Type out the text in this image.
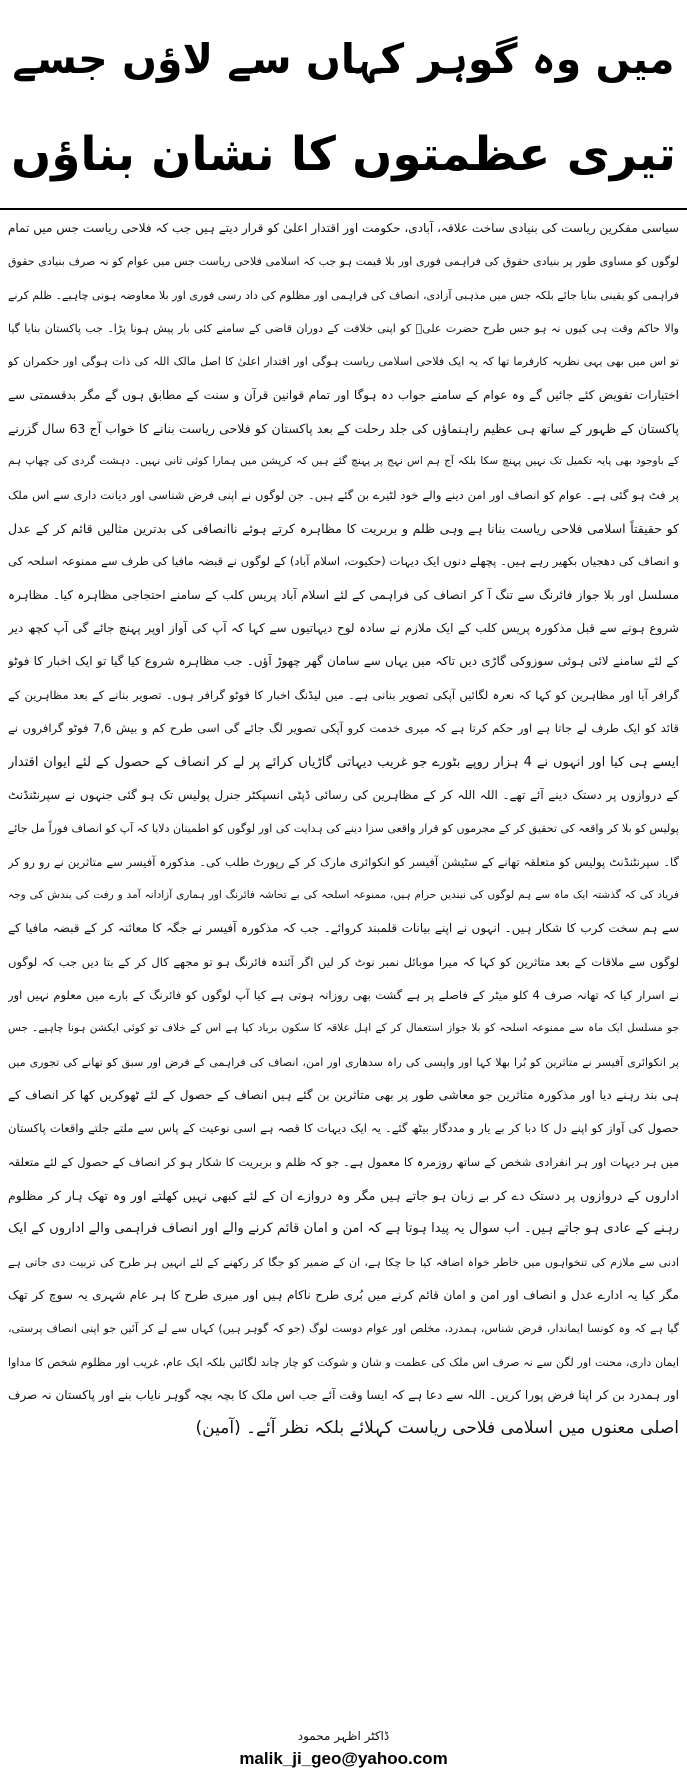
میں وہ گوہر کہاں سے لاؤں جسے
تیری عظمتوں کا نشان بناؤں
سیاسی مفکرین ریاست کی بنیادی ساخت علاقہ، آبادی، حکومت اور اقتدار اعلیٰ کو قرار دیتے ہیں جب کہ فلاحی ریاست جس میں تمام
لوگوں کو مساوی طور پر بنیادی حقوق کی فراہمی فوری اور بلا قیمت ہو جب کہ اسلامی فلاحی ریاست جس میں عوام کو نہ صرف بنیادی حقوق
فراہمی کو یقینی بنایا جائے بلکہ جس میں مذہبی آزادی، انصاف کی فراہمی اور مظلوم کی داد رسی فوری اور بلا معاوضہ ہونی چاہیے۔ ظلم کرنے
والا حاکم وقت ہی کیوں نہ ہو جس طرح حضرت علیؓ کو اپنی خلافت کے دوران قاضی کے سامنے کئی بار پیش ہونا پڑا۔ جب پاکستان بنایا گیا
تو اس میں بھی یہی نظریہ کارفرما تھا کہ یہ ایک فلاحی اسلامی ریاست ہوگی اور اقتدار اعلیٰ کا اصل مالک اللہ کی ذات ہوگی اور حکمران کو
اختیارات تفویض کئے جائیں گے وہ عوام کے سامنے جواب دہ ہوگا اور تمام قوانین قرآن و سنت کے مطابق ہوں گے مگر بدقسمتی سے
پاکستان کے ظہور کے ساتھ ہی عظیم راہنماؤں کی جلد رحلت کے بعد پاکستان کو فلاحی ریاست بنانے کا خواب آج 63 سال گزرنے
کے باوجود بھی پایہ تکمیل تک نہیں پہنچ سکا بلکہ آج ہم اس نہج پر پہنچ گئے ہیں کہ کرپشن میں ہمارا کوئی ثانی نہیں۔ دہشت گردی کی چھاپ ہم
پر فٹ ہو گئی ہے۔ عوام کو انصاف اور امن دینے والے خود لٹیرے بن گئے ہیں۔ جن لوگوں نے اپنی فرض شناسی اور دیانت داری سے اس ملک
کو حقیقتاً اسلامی فلاحی ریاست بنانا ہے وہی ظلم و بربریت کا مظاہرہ کرتے ہوئے ناانصافی کی بدترین مثالیں قائم کر کے عدل
و انصاف کی دھجیاں بکھیر رہے ہیں۔ پچھلے دنوں ایک دیہات (حکیوت، اسلام آباد) کے لوگوں نے قبضہ مافیا کی طرف سے ممنوعہ اسلحہ کی
مسلسل اور بلا جواز فائرنگ سے تنگ آ کر انصاف کی فراہمی کے لئے اسلام آباد پریس کلب کے سامنے احتجاجی مظاہرہ کیا۔ مظاہرہ
شروع ہونے سے قبل مذکورہ پریس کلب کے ایک ملازم نے سادہ لوح دیہاتیوں سے کہا کہ آپ کی آواز اوپر پہنچ جائے گی آپ کچھ دیر
کے لئے سامنے لائی ہوئی سوزوکی گاڑی دیں تاکہ میں یہاں سے سامان گھر چھوڑ آؤں۔ جب مظاہرہ شروع کیا گیا تو ایک اخبار کا فوٹو
گرافر آیا اور مظاہرین کو کہا کہ نعرہ لگائیں آپکی تصویر بنانی ہے۔ میں لیڈنگ اخبار کا فوٹو گرافر ہوں۔ تصویر بنانے کے بعد مظاہرین کے
قائد کو ایک طرف لے جاتا ہے اور حکم کرتا ہے کہ میری خدمت کرو آپکی تصویر لگ جائے گی اسی طرح کم و بیش 7,6 فوٹو گرافروں نے
ایسے ہی کیا اور انہوں نے 4 ہزار روپے بٹورے جو غریب دیہاتی گاڑیاں کرائے پر لے کر انصاف کے حصول کے لئے ایوان اقتدار
کے دروازوں پر دستک دینے آئے تھے۔ اللہ اللہ کر کے مظاہرین کی رسائی ڈپٹی انسپکٹر جنرل پولیس تک ہو گئی جنہوں نے سپرنٹنڈنٹ
پولیس کو بلا کر واقعہ کی تحقیق کر کے مجرموں کو قرار واقعی سزا دینے کی ہدایت کی اور لوگوں کو اطمینان دلایا کہ آپ کو انصاف فوراً مل جائے
گا۔ سپرنٹنڈنٹ پولیس کو متعلقہ تھانے کے سٹیشن آفیسر کو انکوائری مارک کر کے رپورٹ طلب کی۔ مذکورہ آفیسر سے متاثرین نے رو رو کر
فریاد کی کہ گذشتہ ایک ماہ سے ہم لوگوں کی نیندیں حرام ہیں، ممنوعہ اسلحہ کی بے تحاشہ فائرنگ اور ہماری آزادانہ آمد و رفت کی بندش کی وجہ
سے ہم سخت کرب کا شکار ہیں۔ انہوں نے اپنے بیانات قلمبند کروائے۔ جب کہ مذکورہ آفیسر نے جگہ کا معائنہ کر کے قبضہ مافیا کے
لوگوں سے ملاقات کے بعد متاثرین کو کہا کہ میرا موبائل نمبر نوٹ کر لیں اگر آئندہ فائرنگ ہو تو مجھے کال کر کے بتا دیں جب کہ لوگوں
نے اسرار کیا کہ تھانہ صرف 4 کلو میٹر کے فاصلے پر ہے گشت بھی روزانہ ہوتی ہے کیا آپ لوگوں کو فائرنگ کے بارے میں معلوم نہیں اور
جو مسلسل ایک ماہ سے ممنوعہ اسلحہ کو بلا جواز استعمال کر کے اہل علاقہ کا سکون برباد کیا ہے اس کے خلاف تو کوئی ایکشن ہونا چاہیے۔ جس
پر انکوائری آفیسر نے متاثرین کو بُرا بھلا کہا اور واپسی کی راہ سدھاری اور امن، انصاف کی فراہمی کے فرض اور سبق کو تھانے کی تجوری میں
ہی بند رہنے دیا اور مذکورہ متاثرین جو معاشی طور پر بھی متاثرین بن گئے ہیں انصاف کے حصول کے لئے ٹھوکریں کھا کر انصاف کے
حصول کی آواز کو اپنے دل کا دبا کر بے یار و مددگار بیٹھ گئے۔ یہ ایک دیہات کا قصہ ہے اسی نوعیت کے پاس سے ملتے جلتے واقعات پاکستان
میں ہر دیہات اور ہر انفرادی شخص کے ساتھ روزمرہ کا معمول ہے۔ جو کہ ظلم و بربریت کا شکار ہو کر انصاف کے حصول کے لئے متعلقہ
اداروں کے دروازوں پر دستک دے کر بے زبان ہو جاتے ہیں مگر وہ دروازے ان کے لئے کبھی نہیں کھلتے اور وہ تھک ہار کر مظلوم
رہنے کے عادی ہو جاتے ہیں۔ اب سوال یہ پیدا ہوتا ہے کہ امن و امان قائم کرنے والے اور انصاف فراہمی والے اداروں کے ایک
ادنی سے ملازم کی تنخواہوں میں خاطر خواہ اضافہ کیا جا چکا ہے، ان کے ضمیر کو جگا کر رکھنے کے لئے انہیں ہر طرح کی تربیت دی جاتی ہے
مگر کیا یہ ادارے عدل و انصاف اور امن و امان قائم کرنے میں بُری طرح ناکام ہیں اور میری طرح کا ہر عام شہری یہ سوچ کر تھک
گیا ہے کہ وہ کونسا ایماندار، فرض شناس، ہمدرد، مخلص اور عوام دوست لوگ (جو کہ گوہر ہیں) کہاں سے لے کر آئیں جو اپنی انصاف پرستی،
ایمان داری، محنت اور لگن سے نہ صرف اس ملک کی عظمت و شان و شوکت کو چار چاند لگائیں بلکہ ایک عام، غریب اور مظلوم شخص کا مداوا
اور ہمدرد بن کر اپنا فرض پورا کریں۔ اللہ سے دعا ہے کہ ایسا وقت آئے جب اس ملک کا بچہ بچہ گوہر نایاب بنے اور پاکستان نہ صرف
اصلی معنوں میں اسلامی فلاحی ریاست کہلائے بلکہ نظر آئے۔ (آمین)
ڈاکٹر اظہر محمود
malik_ji_geo@yahoo.com
